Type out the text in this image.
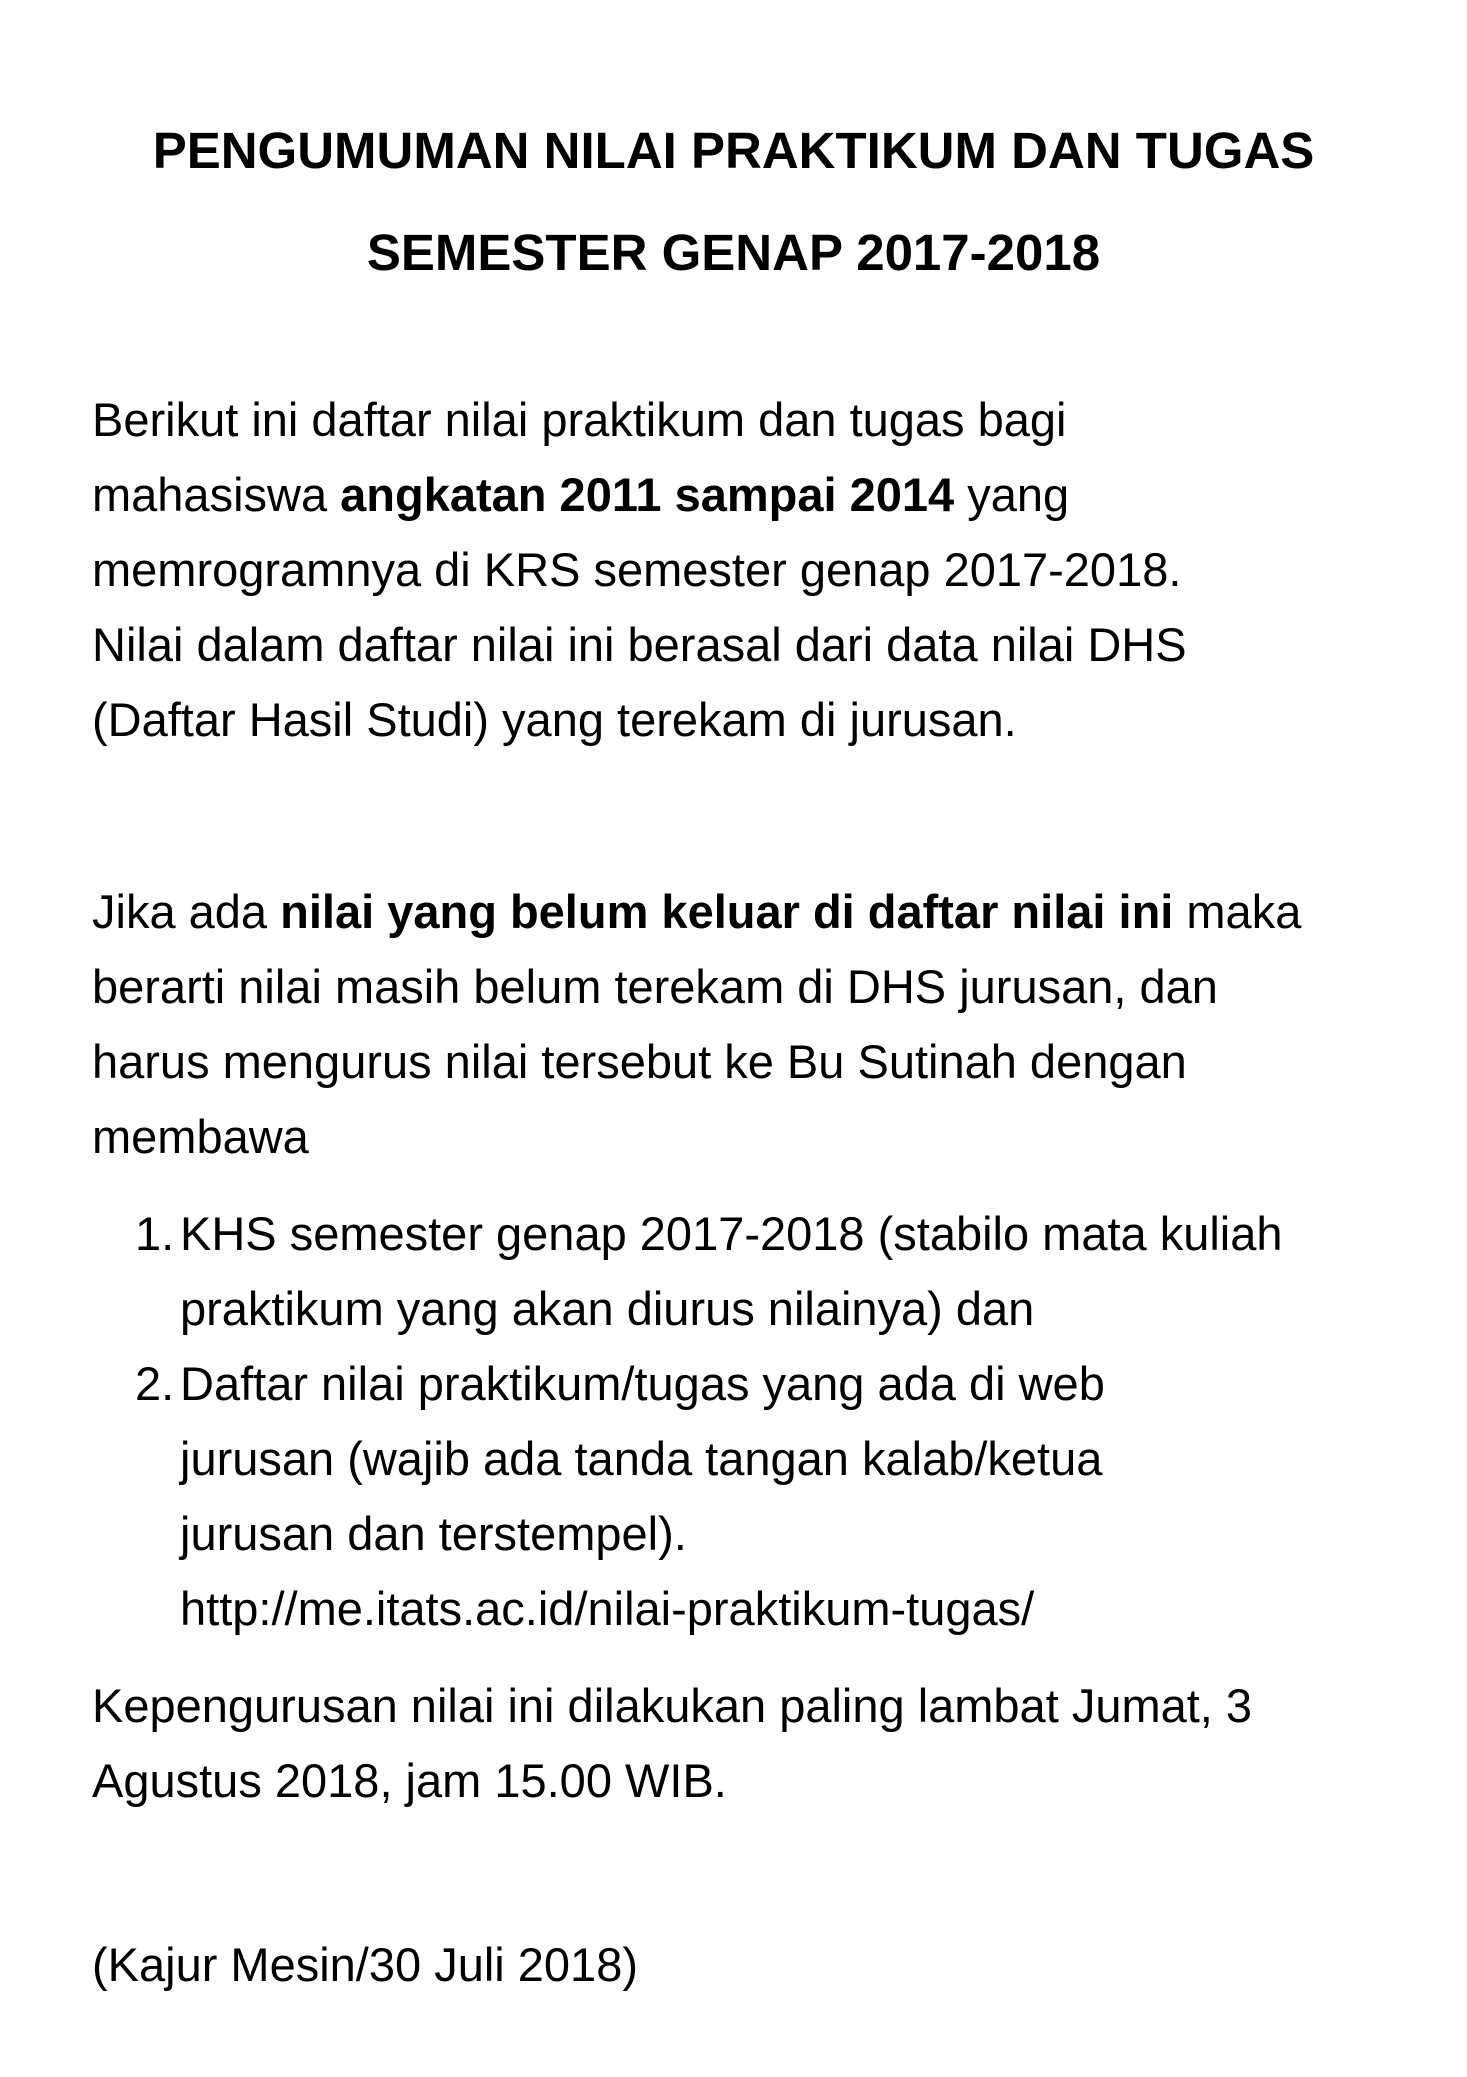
PENGUMUMAN NILAI PRAKTIKUM DAN TUGAS
SEMESTER GENAP 2017-2018
Berikut ini daftar nilai praktikum dan tugas bagi
mahasiswa angkatan 2011 sampai 2014 yang
memrogramnya di KRS semester genap 2017-2018.
Nilai dalam daftar nilai ini berasal dari data nilai DHS
(Daftar Hasil Studi) yang terekam di jurusan.
Jika ada nilai yang belum keluar di daftar nilai ini maka
berarti nilai masih belum terekam di DHS jurusan, dan
harus mengurus nilai tersebut ke Bu Sutinah dengan
membawa
1. KHS semester genap 2017-2018 (stabilo mata kuliah
praktikum yang akan diurus nilainya) dan
2. Daftar nilai praktikum/tugas yang ada di web
jurusan (wajib ada tanda tangan kalab/ketua
jurusan dan terstempel).
http://me.itats.ac.id/nilai-praktikum-tugas/
Kepengurusan nilai ini dilakukan paling lambat Jumat, 3
Agustus 2018, jam 15.00 WIB.
(Kajur Mesin/30 Juli 2018)
